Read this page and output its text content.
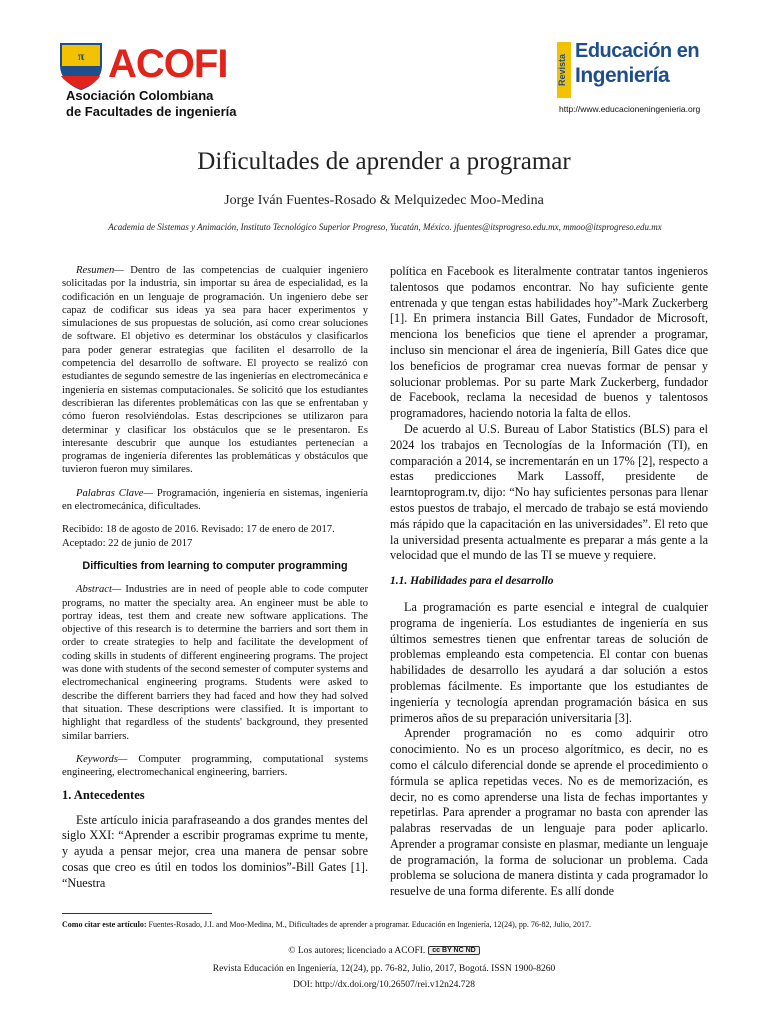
π ACOFI
Asociación Colombiana
de Facultades de ingeniería
Revista
Educación en
Ingeniería
http://www.educacioneningenieria.org
Dificultades de aprender a programar
Jorge Iván Fuentes-Rosado & Melquizedec Moo-Medina
Academia de Sistemas y Animación, Instituto Tecnológico Superior Progreso, Yucatán, México. jfuentes@itsprogreso.edu.mx, mmoo@itsprogreso.edu.mx

Resumen— Dentro de las competencias de cualquier ingeniero solicitadas por la industria, sin importar su área de especialidad, es la codificación en un lenguaje de programación. Un ingeniero debe ser capaz de codificar sus ideas ya sea para hacer experimentos y simulaciones de sus propuestas de solución, así como crear soluciones de software. El objetivo es determinar los obstáculos y clasificarlos para poder generar estrategias que faciliten el desarrollo de la competencia del desarrollo de software. El proyecto se realizó con estudiantes de segundo semestre de las ingenierías en electromecánica e ingeniería en sistemas computacionales. Se solicitó que los estudiantes describieran las diferentes problemáticas con las que se enfrentaban y cómo fueron resolviéndolas. Estas descripciones se utilizaron para determinar y clasificar los obstáculos que se le presentaron. Es interesante descubrir que aunque los estudiantes pertenecían a programas de ingeniería diferentes las problemáticas y obstáculos que tuvieron fueron muy similares.

Palabras Clave— Programación, ingeniería en sistemas, ingeniería en electromecánica, dificultades.

Recibido: 18 de agosto de 2016. Revisado: 17 de enero de 2017.

Aceptado: 22 de junio de 2017

Difficulties from learning to computer programming

Abstract— Industries are in need of people able to code computer programs, no matter the specialty area. An engineer must be able to portray ideas, test them and create new software applications. The objective of this research is to determine the barriers and sort them in order to create strategies to help and facilitate the development of coding skills in students of different engineering programs. The project was done with students of the second semester of computer systems and electromechanical engineering programs. Students were asked to describe the different barriers they had faced and how they had solved that situation. These descriptions were classified. It is important to highlight that regardless of the students' background, they presented similar barriers.

Keywords— Computer programming, computational systems engineering, electromechanical engineering, barriers.

1. Antecedentes

Este artículo inicia parafraseando a dos grandes mentes del siglo XXI: “Aprender a escribir programas exprime tu mente, y ayuda a pensar mejor, crea una manera de pensar sobre cosas que creo es útil en todos los dominios”-Bill Gates [1]. “Nuestra

política en Facebook es literalmente contratar tantos ingenieros talentosos que podamos encontrar. No hay suficiente gente entrenada y que tengan estas habilidades hoy”-Mark Zuckerberg [1]. En primera instancia Bill Gates, Fundador de Microsoft, menciona los beneficios que tiene el aprender a programar, incluso sin mencionar el área de ingeniería, Bill Gates dice que los beneficios de programar crea nuevas formar de pensar y solucionar problemas. Por su parte Mark Zuckerberg, fundador de Facebook, reclama la necesidad de buenos y talentosos programadores, haciendo notoria la falta de ellos.

De acuerdo al U.S. Bureau of Labor Statistics (BLS) para el 2024 los trabajos en Tecnologías de la Información (TI), en comparación a 2014, se incrementarán en un 17% [2], respecto a estas predicciones Mark Lassoff, presidente de learntoprogram.tv, dijo: “No hay suficientes personas para llenar estos puestos de trabajo, el mercado de trabajo se está moviendo más rápido que la capacitación en las universidades”. El reto que la universidad presenta actualmente es preparar a más gente a la velocidad que el mundo de las TI se mueve y requiere.

1.1. Habilidades para el desarrollo

La programación es parte esencial e integral de cualquier programa de ingeniería. Los estudiantes de ingeniería en sus últimos semestres tienen que enfrentar tareas de solución de problemas empleando esta competencia. El contar con buenas habilidades de desarrollo les ayudará a dar solución a estos problemas fácilmente. Es importante que los estudiantes de ingeniería y tecnología aprendan programación básica en sus primeros años de su preparación universitaria [3].

Aprender programación no es como adquirir otro conocimiento. No es un proceso algorítmico, es decir, no es como el cálculo diferencial donde se aprende el procedimiento o fórmula se aplica repetidas veces. No es de memorización, es decir, no es como aprenderse una lista de fechas importantes y repetirlas. Para aprender a programar no basta con aprender las palabras reservadas de un lenguaje para poder aplicarlo. Aprender a programar consiste en plasmar, mediante un lenguaje de programación, la forma de solucionar un problema. Cada problema se soluciona de manera distinta y cada programador lo resuelve de una forma diferente. Es allí donde

Como citar este artículo: Fuentes-Rosado, J.I. and Moo-Medina, M., Dificultades de aprender a programar. Educación en Ingeniería, 12(24), pp. 76-82, Julio, 2017.
© Los autores; licenciado a ACOFI. cc BY NC ND
Revista Educación en Ingeniería, 12(24), pp. 76-82, Julio, 2017, Bogotá. ISSN 1900-8260
DOI: http://dx.doi.org/10.26507/rei.v12n24.728
